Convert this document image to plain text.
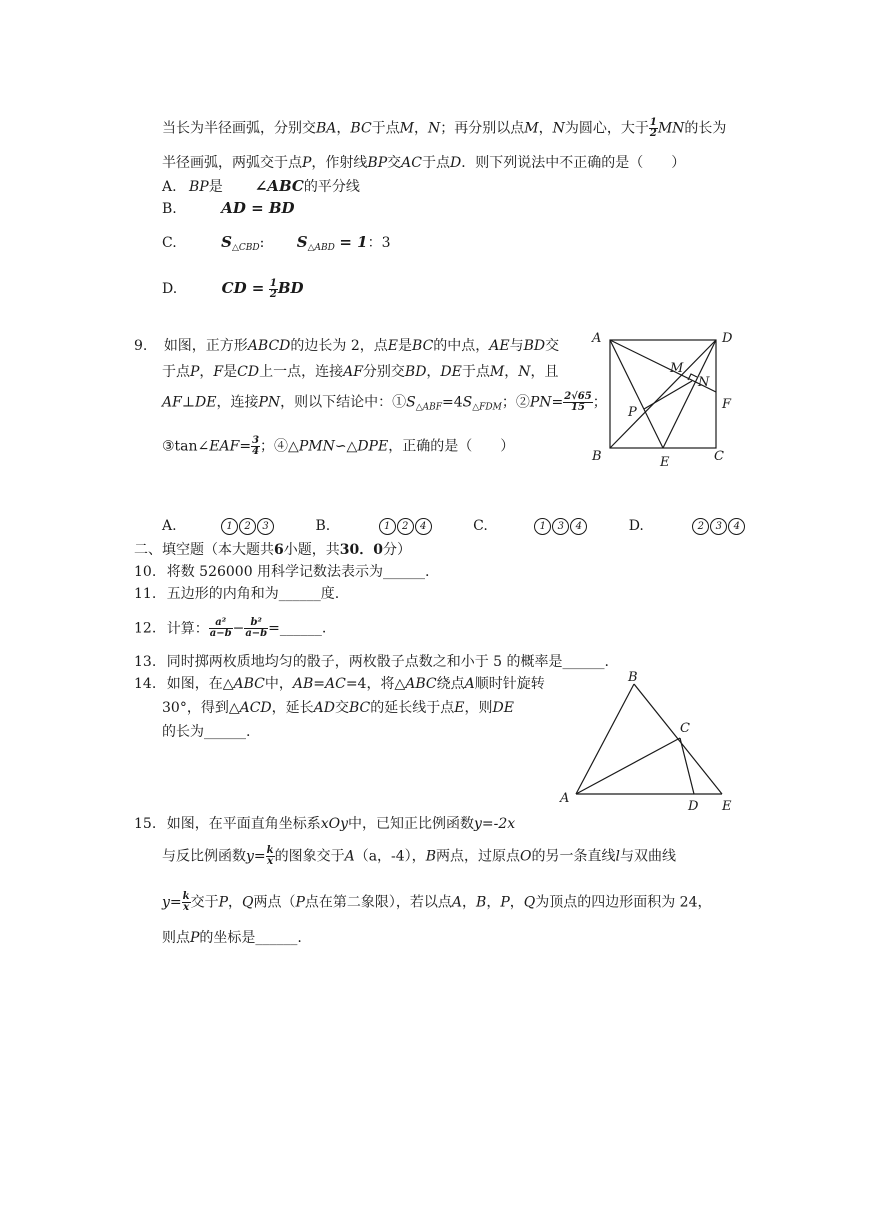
当长为半径画弧，分别交BA，BC于点M，N；再分别以点M，N为圆心，大于 $\frac{1}{2}$ MN的长为
半径画弧，两弧交于点P，作射线BP交AC于点D．则下列说法中不正确的是（　　）
A. BP是 ∠ABC的平分线
B.	AD = BD
C.	$S_{\triangle CBD}$: $S_{\triangle ABD} = 1$：3
D.	CD = $\frac{1}{2}$ BD
9. 如图，正方形ABCD的边长为 2，点E是BC的中点，AE与BD交
于点P，F是CD上一点，连接AF分别交BD，DE于点M，N，且
AF⊥DE，连接PN，则以下结论中：$①S_{\triangle ABF}=4S_{\triangle FDM}$；②PN= $\frac{2√65}{15}$ ；
③tan∠EAF= $\frac{3}{4}$ ；④△PMN∽△DPE，正确的是（　　）
A	D
M
N
P
F
B	E	C
A.	1 2 3	B.	1 2 4	C.	1 3 4	D.	2 3 4
二、填空题（本大题共6小题，共30．0分）
10. 将数 526000 用科学记数法表示为______.
11. 五边形的内角和为______度.
12. 计算： $\frac{\text{a²}}{a-b} - \frac{\text{b²}}{a-b}$ =______.
13. 同时掷两枚质地均匀的骰子，两枚骰子点数之和小于 5 的概率是______.
14. 如图，在△ABC中，AB=AC=4，将△ABC绕点A顺时针旋转
30°，得到△ACD，延长AD交BC的延长线于点E，则DE
的长为______.
A
B
C
D E
15. 如图，在平面直角坐标系xOy中，已知正比例函数y=-2x
与反比例函数$y= \frac{k}{x}$ 的图象交于A（a，-4），B两点，过原点O的另一条直线l与双曲线
$y= \frac{k}{x}$ 交于P，Q两点（P点在第二象限），若以点A，B，P，Q为顶点的四边形面积为 24，
则点P的坐标是______.
